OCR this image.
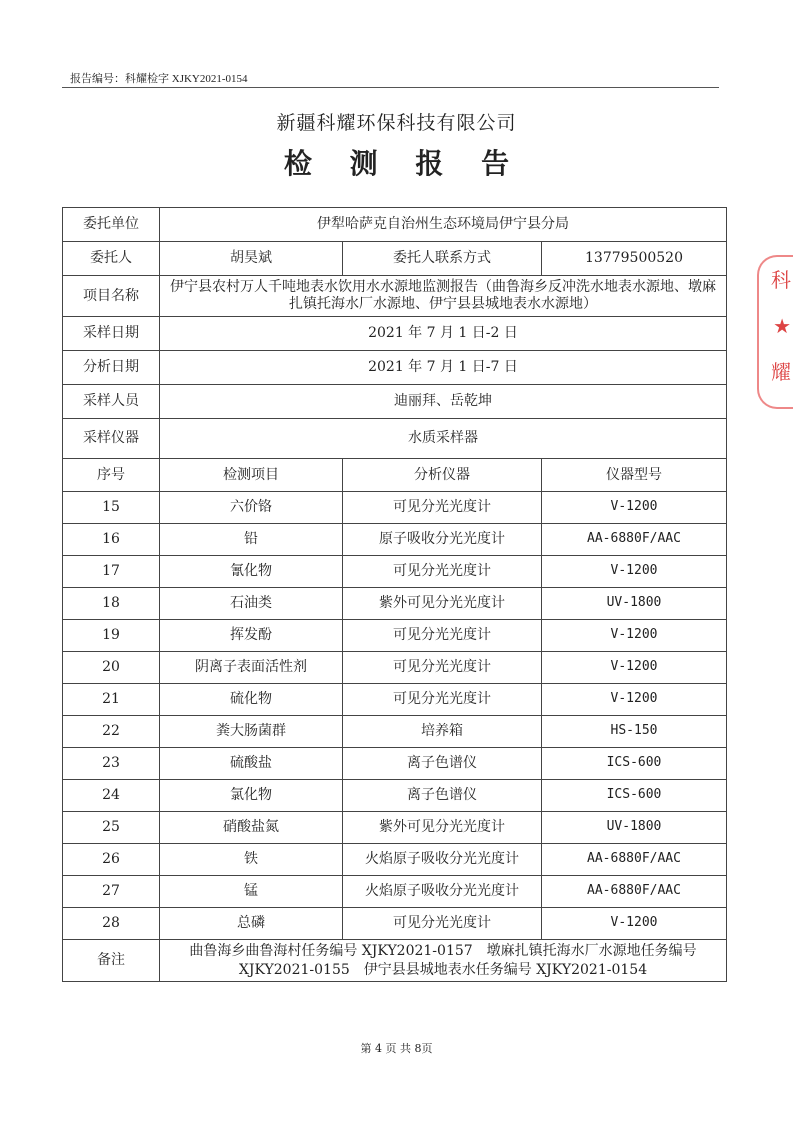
报告编号：科耀检字 XJKY2021-0154
新疆科耀环保科技有限公司
检 测 报 告
科
★
耀
委托单位	伊犁哈萨克自治州生态环境局伊宁县分局		
委托人	胡昊斌	委托人联系方式	13779500520
项目名称	伊宁县农村万人千吨地表水饮用水水源地监测报告（曲鲁海乡反冲洗水地表水源地、墩麻扎镇托海水厂水源地、伊宁县县城地表水水源地）		
采样日期	2021 年 7 月 1 日-2 日		
分析日期	2021 年 7 月 1 日-7 日		
采样人员	迪丽拜、岳乾坤		
采样仪器	水质采样器		
序号	检测项目	分析仪器	仪器型号
15	六价铬	可见分光光度计	V-1200
16	铅	原子吸收分光光度计	AA-6880F/AAC
17	氰化物	可见分光光度计	V-1200
18	石油类	紫外可见分光光度计	UV-1800
19	挥发酚	可见分光光度计	V-1200
20	阴离子表面活性剂	可见分光光度计	V-1200
21	硫化物	可见分光光度计	V-1200
22	粪大肠菌群	培养箱	HS-150
23	硫酸盐	离子色谱仪	ICS-600
24	氯化物	离子色谱仪	ICS-600
25	硝酸盐氮	紫外可见分光光度计	UV-1800
26	铁	火焰原子吸收分光光度计	AA-6880F/AAC
27	锰	火焰原子吸收分光光度计	AA-6880F/AAC
28	总磷	可见分光光度计	V-1200
备注	曲鲁海乡曲鲁海村任务编号 XJKY2021-0157　墩麻扎镇托海水厂水源地任务编号 XJKY2021-0155　伊宁县县城地表水任务编号 XJKY2021-0154		
第 4 页 共 8页
